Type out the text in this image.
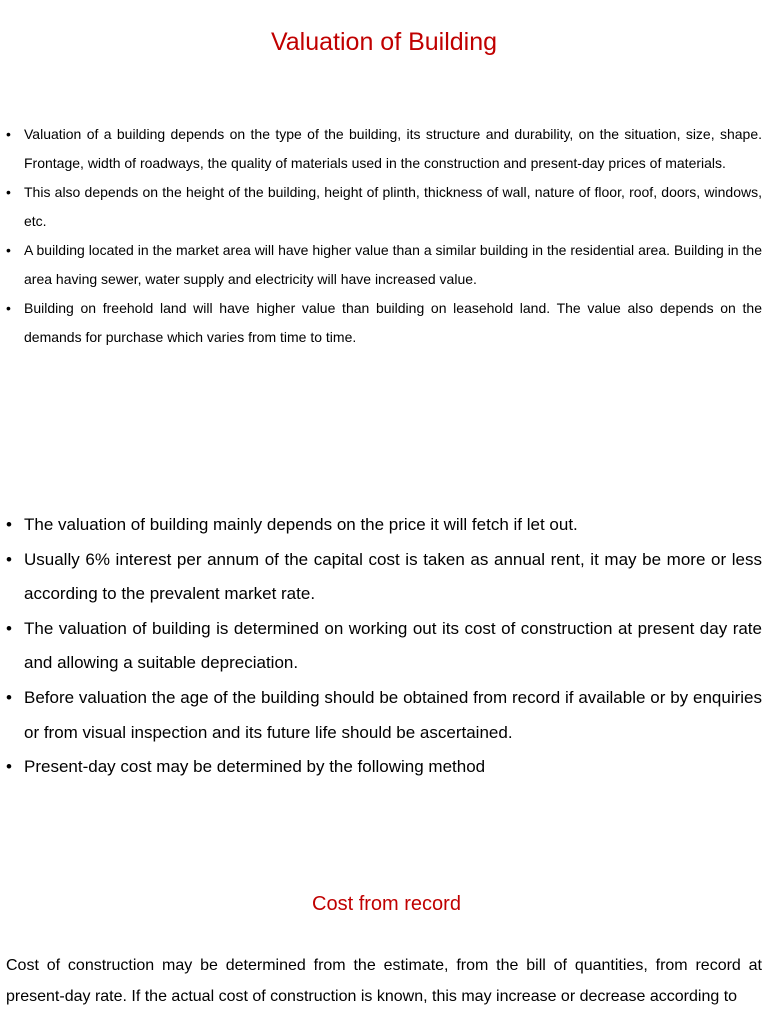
Valuation of Building
• Valuation of a building depends on the type of the building, its structure and durability, on the situation, size, shape. Frontage, width of roadways, the quality of materials used in the construction and present-day prices of materials.
• This also depends on the height of the building, height of plinth, thickness of wall, nature of floor, roof, doors, windows, etc.
• A building located in the market area will have higher value than a similar building in the residential area. Building in the area having sewer, water supply and electricity will have increased value.
• Building on freehold land will have higher value than building on leasehold land. The value also depends on the demands for purchase which varies from time to time.
• The valuation of building mainly depends on the price it will fetch if let out.
• Usually 6% interest per annum of the capital cost is taken as annual rent, it may be more or less according to the prevalent market rate.
• The valuation of building is determined on working out its cost of construction at present day rate and allowing a suitable depreciation.
• Before valuation the age of the building should be obtained from record if available or by enquiries or from visual inspection and its future life should be ascertained.
• Present-day cost may be determined by the following method
Cost from record
Cost of construction may be determined from the estimate, from the bill of quantities, from record at present-day rate. If the actual cost of construction is known, this may increase or decrease according to
